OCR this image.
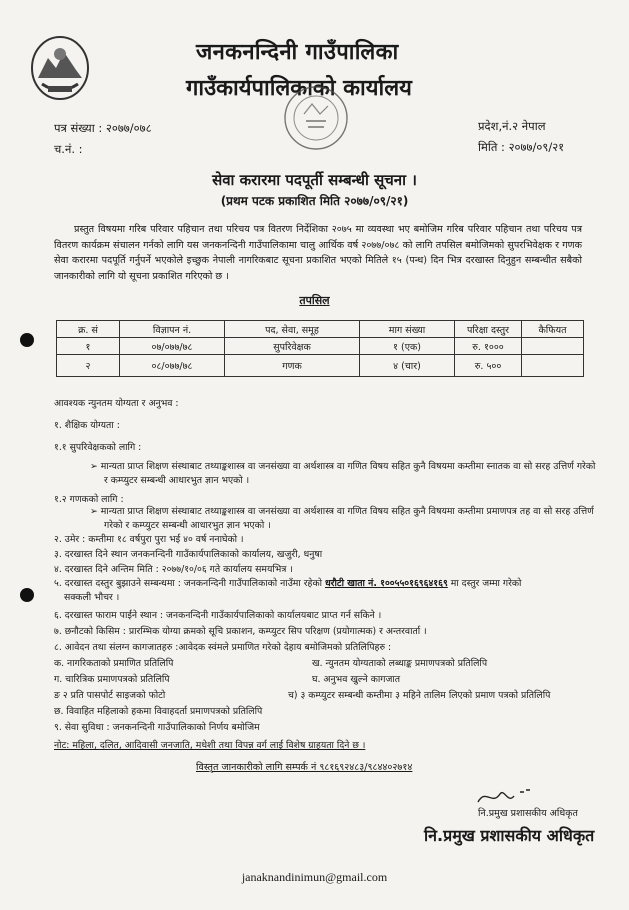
जनकनन्दिनी गाउँपालिका
गाउँकार्यपालिकाको कार्यालय
पत्र संख्या : २०७७/०७८
च.नं. :
प्रदेश,नं.२ नेपाल
मिति : २०७७/०९/२१
सेवा करारमा पदपूर्ती सम्बन्धी सूचना ।
(प्रथम पटक प्रकाशित मिति २०७७/०९/२१)
प्रस्तुत विषयमा गरिब परिवार पहिचान तथा परिचय पत्र वितरण निर्देशिका २०७५ मा व्यवस्था भए बमोजिम गरिब परिवार पहिचान तथा परिचय पत्र वितरण कार्यक्रम संचालन गर्नको लागि यस जनकनन्दिनी गाउँपालिकामा चालु आर्थिक वर्ष २०७७/०७८ को लागि तपसिल बमोजिमको सुपरभिवेक्षक र गणक सेवा करारमा पदपूर्ति गर्नुपर्ने भएकोले इच्छुक नेपाली नागरिकबाट सूचना प्रकाशित भएको मितिले १५ (पन्ध) दिन भित्र दरखास्त दिनुहुन सम्बन्धीत सबैको जानकारीको लागि यो सूचना प्रकाशित गरिएको छ ।
तपसिल
क्र. सं	विज्ञापन नं.	पद, सेवा, समूह	माग संख्या	परिक्षा दस्तुर	कैफियत
१	०७/०७७/७८	सुपरिवेक्षक	१ (एक)	रु. १०००	
२	०८/०७७/७८	गणक	४ (चार)	रु. ५००	
आवश्यक न्युनतम योग्यता र अनुभव :
१. शैक्षिक योग्यता :
१.१ सुपरिवेक्षकको लागि :
➢ मान्यता प्राप्त शिक्षण संस्थाबाट तथ्याङ्कशास्त्र वा जनसंख्या वा अर्थशास्त्र वा गणित विषय सहित कुनै विषयमा कम्तीमा स्नातक वा सो सरह उत्तिर्ण गरेको र कम्प्युटर सम्बन्धी आधारभुत ज्ञान भएको ।
१.२ गणकको लागि :
➢ मान्यता प्राप्त शिक्षण संस्थाबाट तथ्याङ्कशास्त्र वा जनसंख्या वा अर्थशास्त्र वा गणित विषय सहित कुनै विषयमा कम्तीमा प्रमाणपत्र तह वा सो सरह उत्तिर्ण गरेको र कम्प्युटर सम्बन्धी आधारभुत ज्ञान भएको ।
२. उमेर : कम्तीमा १८ वर्षपुरा पुरा भई ४० वर्ष ननाघेको ।
३. दरखास्त दिने स्थान जनकनन्दिनी गाउँकार्यपालिकाको कार्यालय, खजुरी, धनुषा
४. दरखास्त दिने अन्तिम मिति : २०७७/१०/०६ गते कार्यालय समयभित्र ।
५. दरखास्त दस्तुर बुझाउने सम्बन्धमा : जनकनन्दिनी गाउँपालिकाको नाउँमा रहेको धरौटी खाता नं. १००५५०१६९६४१६९ मा दस्तुर जम्मा गरेको
सक्कली भौचर ।
६. दरखास्त फाराम पाईने स्थान : जनकनन्दिनी गाउँकार्यपालिकाको कार्यालयबाट प्राप्त गर्न सकिने ।
७. छनौटको किसिम : प्रारम्भिक योग्या क्रमको सूचि प्रकाशन, कम्प्युटर सिप परिक्षण (प्रयोगात्मक) र अन्तरवार्ता ।
८. आवेदन तथा संलग्न कागजातहरु :आवेदक स्वंमले प्रमाणित गरेको देहाय बमोजिमको प्रतिलिपिहरु :
क. नागरिकताको प्रमाणित प्रतिलिपि	ख. न्युनतम योग्यताको लब्धाङ्क प्रमाणपत्रको प्रतिलिपि
ग. चारित्रिक प्रमाणपत्रको प्रतिलिपि	घ. अनुभव खुल्ने कागजात
ङ २ प्रति पासपोर्ट साइजको फोटो	च) ३ कम्प्युटर सम्बन्धी कम्तीमा ३ महिने तालिम लिएको प्रमाण पत्रको प्रतिलिपि
छ. विवाहित महिलाको हकमा विवाहदर्ता प्रमाणपत्रको प्रतिलिपि
९. सेवा सुविधा : जनकनन्दिनी गाउँपालिकाको निर्णय बमोजिम
नोट: महिला, दलित, आदिवासी जनजाति, मधेशी तथा विपन्न वर्ग लाई विशेष ग्राहयता दिने छ ।
विस्तृत जानकारीको लागि सम्पर्क नं ९८१६९२४८३/९८४४०२७१४
नि.प्रमुख प्रशासकीय अधिकृत
नि.प्रमुख प्रशासकीय अधिकृत
janaknandinimun@gmail.com
